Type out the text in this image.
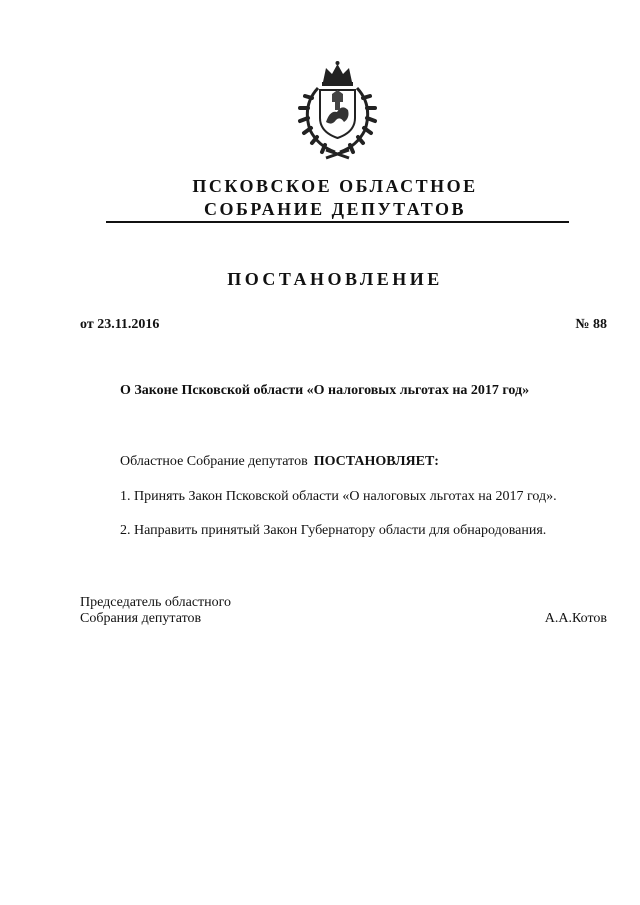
ПСКОВСКОЕ ОБЛАСТНОЕ
СОБРАНИЕ ДЕПУТАТОВ
ПОСТАНОВЛЕНИЕ
от 23.11.2016	№ 88
О Законе Псковской области «О налоговых льготах на 2017 год»
Областное Собрание депутатов ПОСТАНОВЛЯЕТ:
1. Принять Закон Псковской области «О налоговых льготах на 2017 год».
2. Направить принятый Закон Губернатору области для обнародования.
Председатель областного
Собрания депутатов	А.А.Котов
